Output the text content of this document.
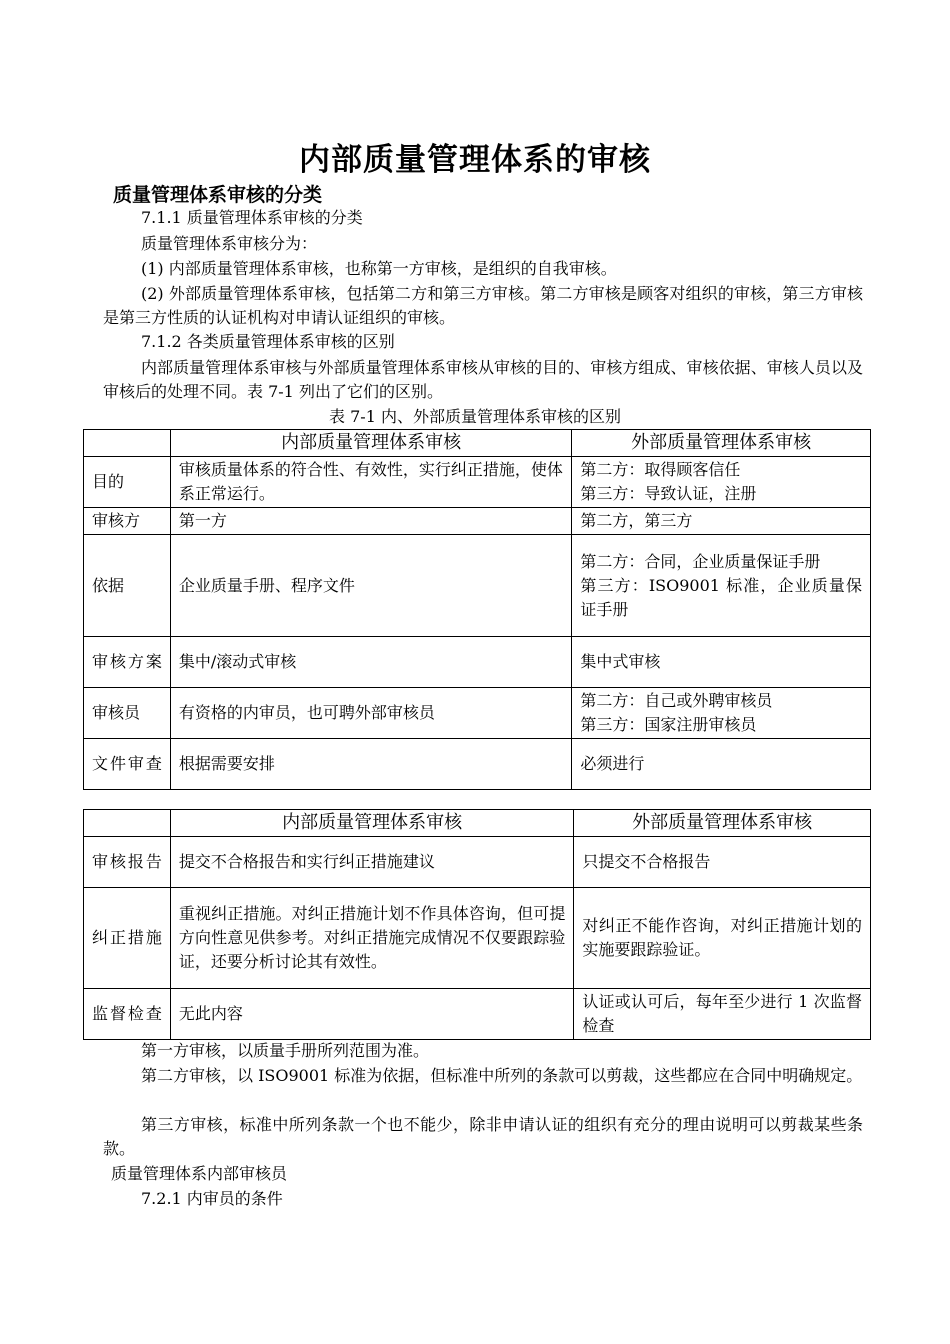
内部质量管理体系的审核
质量管理体系审核的分类
7.1.1 质量管理体系审核的分类
质量管理体系审核分为：
(1) 内部质量管理体系审核，也称第一方审核，是组织的自我审核。
(2) 外部质量管理体系审核，包括第二方和第三方审核。第二方审核是顾客对组织的审核，第三方审核是第三方性质的认证机构对申请认证组织的审核。
7.1.2 各类质量管理体系审核的区别
内部质量管理体系审核与外部质量管理体系审核从审核的目的、审核方组成、审核依据、审核人员以及审核后的处理不同。表 7-1 列出了它们的区别。
表 7-1 内、外部质量管理体系审核的区别
	内部质量管理体系审核	外部质量管理体系审核
目的	审核质量体系的符合性、有效性，实行纠正措施，使体系正常运行。	第二方：取得顾客信任
第三方：导致认证，注册

审核方	第一方	第二方，第三方

依据	企业质量手册、程序文件	第二方：合同，企业质量保证手册
第三方：ISO9001 标准，企业质量保证手册

审核方案	集中/滚动式审核	集中式审核

审核员	有资格的内审员，也可聘外部审核员	第二方：自己或外聘审核员
第三方：国家注册审核员

文件审查	根据需要安排	必须进行
	内部质量管理体系审核	外部质量管理体系审核
审核报告	提交不合格报告和实行纠正措施建议	只提交不合格报告
纠正措施	重视纠正措施。对纠正措施计划不作具体咨询，但可提方向性意见供参考。对纠正措施完成情况不仅要跟踪验证，还要分析讨论其有效性。	对纠正不能作咨询，对纠正措施计划的实施要跟踪验证。
监督检查	无此内容	认证或认可后，每年至少进行 1 次监督检查
第一方审核，以质量手册所列范围为准。
第二方审核，以 ISO9001 标准为依据，但标准中所列的条款可以剪裁，这些都应在合同中明确规定。
第三方审核，标准中所列条款一个也不能少，除非申请认证的组织有充分的理由说明可以剪裁某些条款。
质量管理体系内部审核员
7.2.1 内审员的条件
